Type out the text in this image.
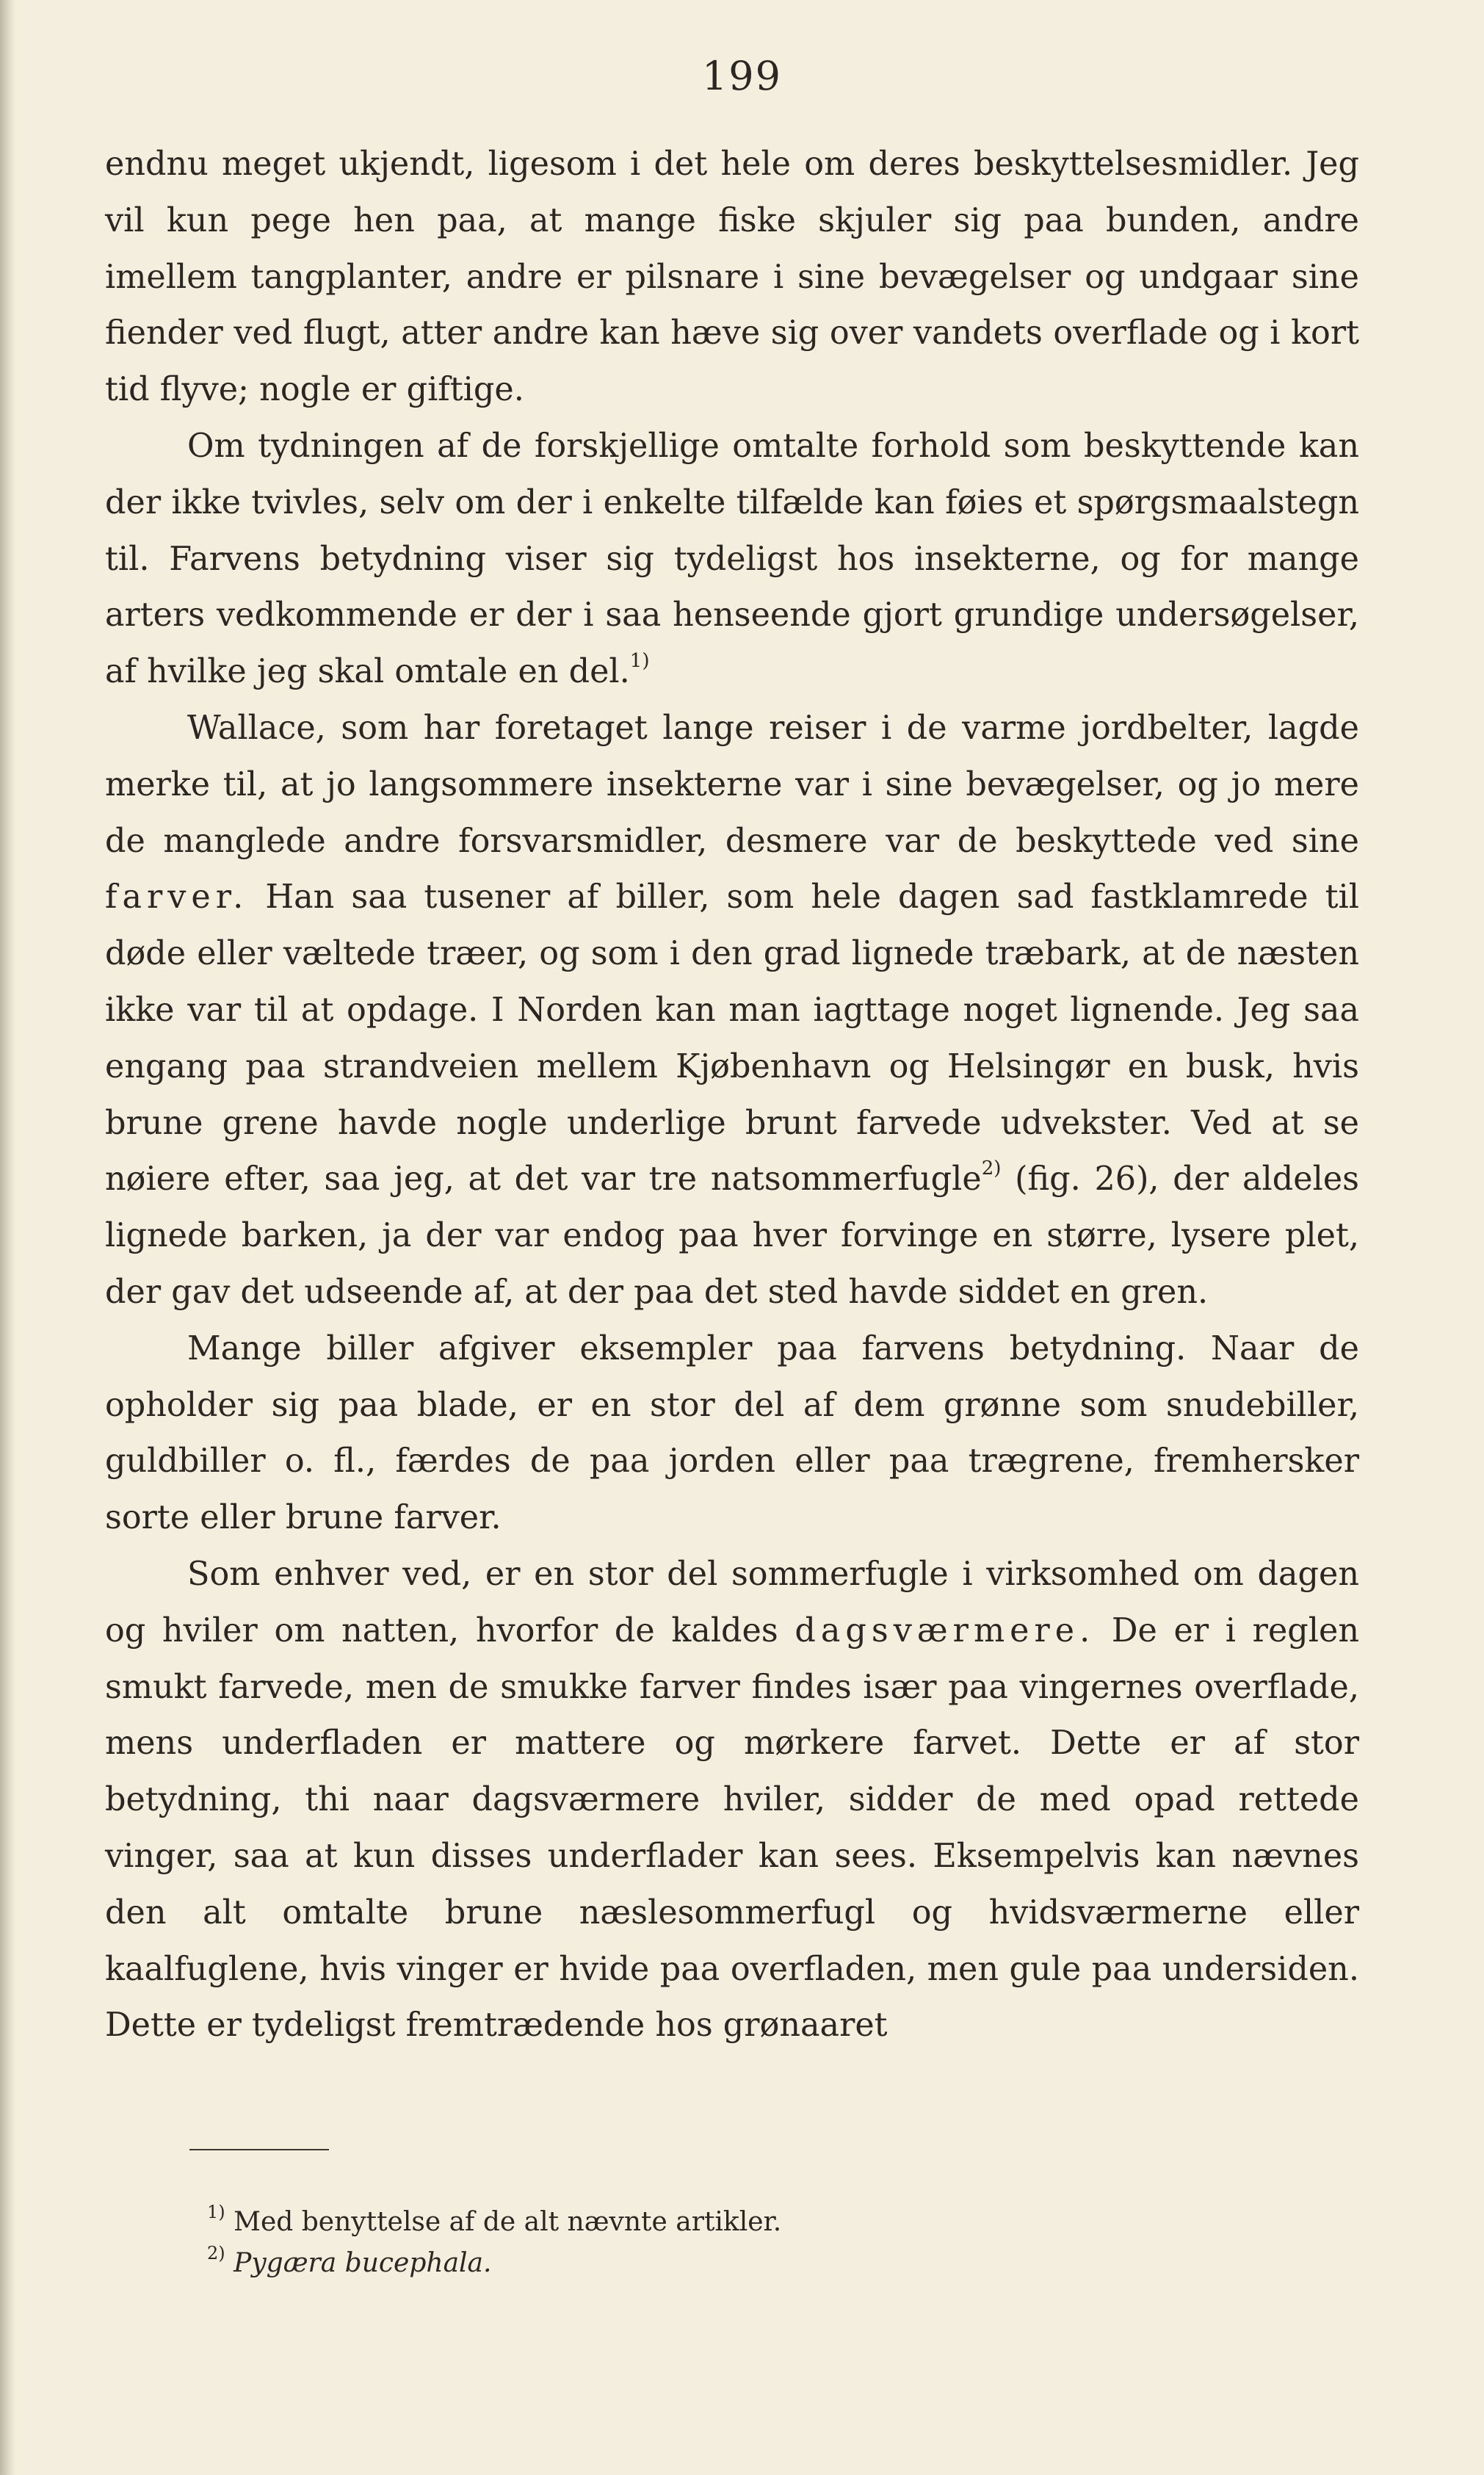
199

endnu meget ukjendt, ligesom i det hele om deres beskyttelsesmidler. Jeg vil kun pege hen paa, at mange fiske skjuler sig paa bunden, andre imellem tangplanter, andre er pilsnare i sine bevægelser og undgaar sine fiender ved flugt, atter andre kan hæve sig over vandets overflade og i kort tid flyve; nogle er giftige.

Om tydningen af de forskjellige omtalte forhold som beskyttende kan der ikke tvivles, selv om der i enkelte tilfælde kan føies et spørgsmaalstegn til. Farvens betydning viser sig tydeligst hos insekterne, og for mange arters vedkommende er der i saa henseende gjort grundige undersøgelser, af hvilke jeg skal omtale en del.$^{1)}$

Wallace, som har foretaget lange reiser i de varme jordbelter, lagde merke til, at jo langsommere insekterne var i sine bevægelser, og jo mere de manglede andre forsvarsmidler, desmere var de beskyttede ved sine farver. Han saa tusener af biller, som hele dagen sad fastklamrede til døde eller væltede træer, og som i den grad lignede træbark, at de næsten ikke var til at opdage. I Norden kan man iagttage noget lignende. Jeg saa engang paa strandveien mellem Kjøbenhavn og Helsingør en busk, hvis brune grene havde nogle underlige brunt farvede udvekster. Ved at se nøiere efter, saa jeg, at det var tre natsommerfugle$^{2)}$ (fig. 26), der aldeles lignede barken, ja der var endog paa hver forvinge en større, lysere plet, der gav det udseende af, at der paa det sted havde siddet en gren.

Mange biller afgiver eksempler paa farvens betydning. Naar de opholder sig paa blade, er en stor del af dem grønne som snudebiller, guldbiller o. fl., færdes de paa jorden eller paa trægrene, fremhersker sorte eller brune farver.

Som enhver ved, er en stor del sommerfugle i virksomhed om dagen og hviler om natten, hvorfor de kaldes dagsværmere. De er i reglen smukt farvede, men de smukke farver findes især paa vingernes overflade, mens underfladen er mattere og mørkere farvet. Dette er af stor betydning, thi naar dagsværmere hviler, sidder de med opad rettede vinger, saa at kun disses underflader kan sees. Eksempelvis kan nævnes den alt omtalte brune næslesommerfugl og hvidsværmerne eller kaalfuglene, hvis vinger er hvide paa overfladen, men gule paa undersiden. Dette er tydeligst fremtrædende hos grønaaret

$^{1)}$ Med benyttelse af de alt nævnte artikler.
$^{2)}$ Pygæra bucephala.
